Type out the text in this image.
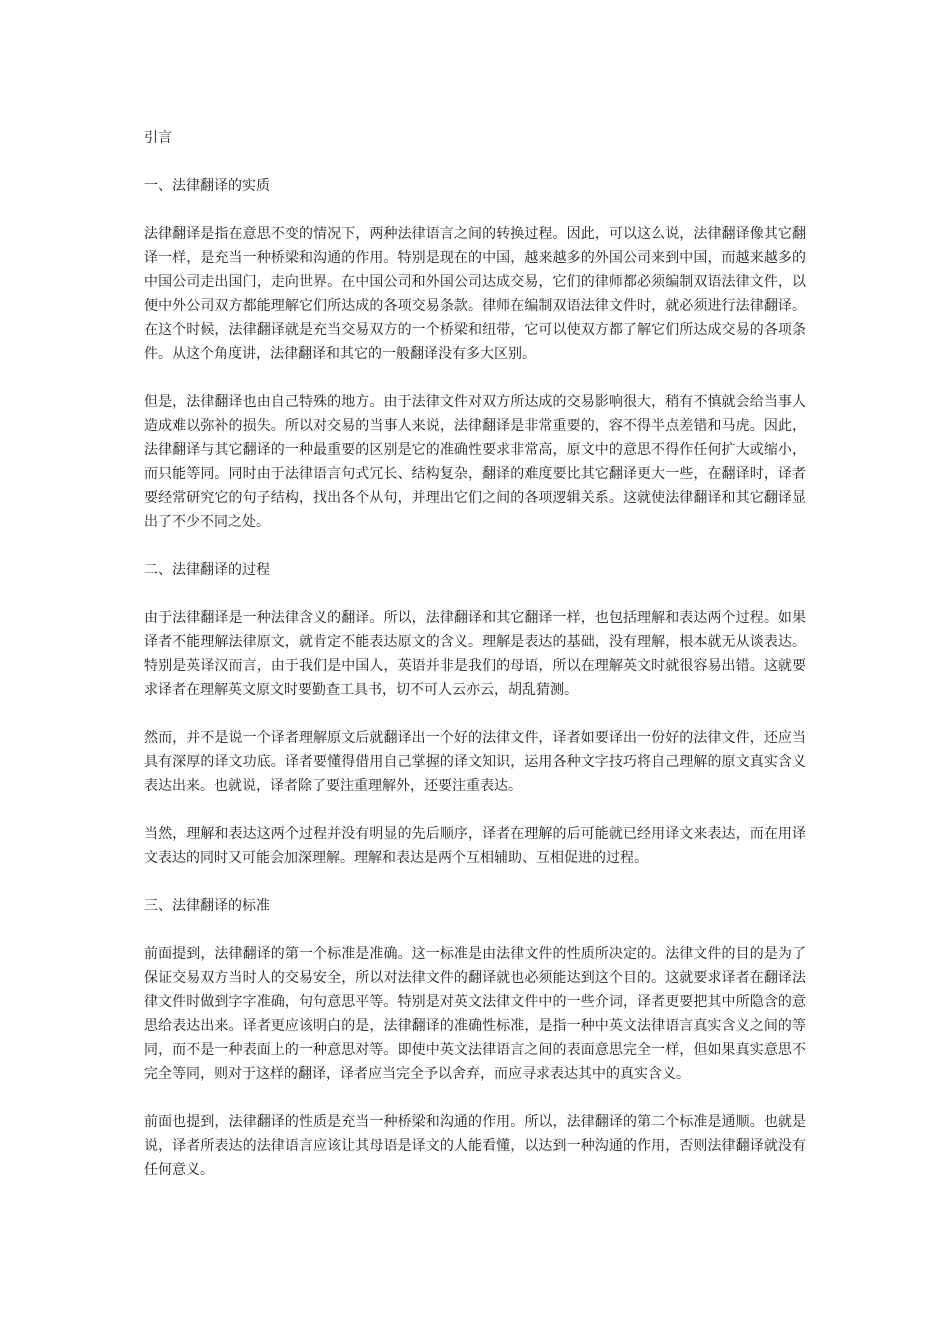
引言

一、法律翻译的实质

法律翻译是指在意思不变的情况下，两种法律语言之间的转换过程。因此，可以这么说，法律翻译像其它翻译一样，是充当一种桥梁和沟通的作用。特别是现在的中国，越来越多的外国公司来到中国，而越来越多的中国公司走出国门，走向世界。在中国公司和外国公司达成交易，它们的律师都必须编制双语法律文件，以便中外公司双方都能理解它们所达成的各项交易条款。律师在编制双语法律文件时，就必须进行法律翻译。在这个时候，法律翻译就是充当交易双方的一个桥梁和纽带，它可以使双方都了解它们所达成交易的各项条件。从这个角度讲，法律翻译和其它的一般翻译没有多大区别。

但是，法律翻译也由自己特殊的地方。由于法律文件对双方所达成的交易影响很大，稍有不慎就会给当事人造成难以弥补的损失。所以对交易的当事人来说，法律翻译是非常重要的，容不得半点差错和马虎。因此，法律翻译与其它翻译的一种最重要的区别是它的准确性要求非常高，原文中的意思不得作任何扩大或缩小，而只能等同。同时由于法律语言句式冗长、结构复杂，翻译的难度要比其它翻译更大一些，在翻译时，译者要经常研究它的句子结构，找出各个从句，并理出它们之间的各项逻辑关系。这就使法律翻译和其它翻译显出了不少不同之处。

二、法律翻译的过程

由于法律翻译是一种法律含义的翻译。所以，法律翻译和其它翻译一样，也包括理解和表达两个过程。如果译者不能理解法律原文，就肯定不能表达原文的含义。理解是表达的基础，没有理解，根本就无从谈表达。特别是英译汉而言，由于我们是中国人，英语并非是我们的母语，所以在理解英文时就很容易出错。这就要求译者在理解英文原文时要勤查工具书，切不可人云亦云，胡乱猜测。

然而，并不是说一个译者理解原文后就翻译出一个好的法律文件，译者如要译出一份好的法律文件，还应当具有深厚的译文功底。译者要懂得借用自己掌握的译文知识，运用各种文字技巧将自己理解的原文真实含义表达出来。也就说，译者除了要注重理解外，还要注重表达。

当然，理解和表达这两个过程并没有明显的先后顺序，译者在理解的后可能就已经用译文来表达，而在用译文表达的同时又可能会加深理解。理解和表达是两个互相辅助、互相促进的过程。

三、法律翻译的标准

前面提到，法律翻译的第一个标准是准确。这一标准是由法律文件的性质所决定的。法律文件的目的是为了保证交易双方当时人的交易安全，所以对法律文件的翻译就也必须能达到这个目的。这就要求译者在翻译法律文件时做到字字准确，句句意思平等。特别是对英文法律文件中的一些介词，译者更要把其中所隐含的意思给表达出来。译者更应该明白的是，法律翻译的准确性标准，是指一种中英文法律语言真实含义之间的等同，而不是一种表面上的一种意思对等。即使中英文法律语言之间的表面意思完全一样，但如果真实意思不完全等同，则对于这样的翻译，译者应当完全予以舍弃，而应寻求表达其中的真实含义。

前面也提到，法律翻译的性质是充当一种桥梁和沟通的作用。所以，法律翻译的第二个标准是通顺。也就是说，译者所表达的法律语言应该让其母语是译文的人能看懂，以达到一种沟通的作用，否则法律翻译就没有任何意义。
